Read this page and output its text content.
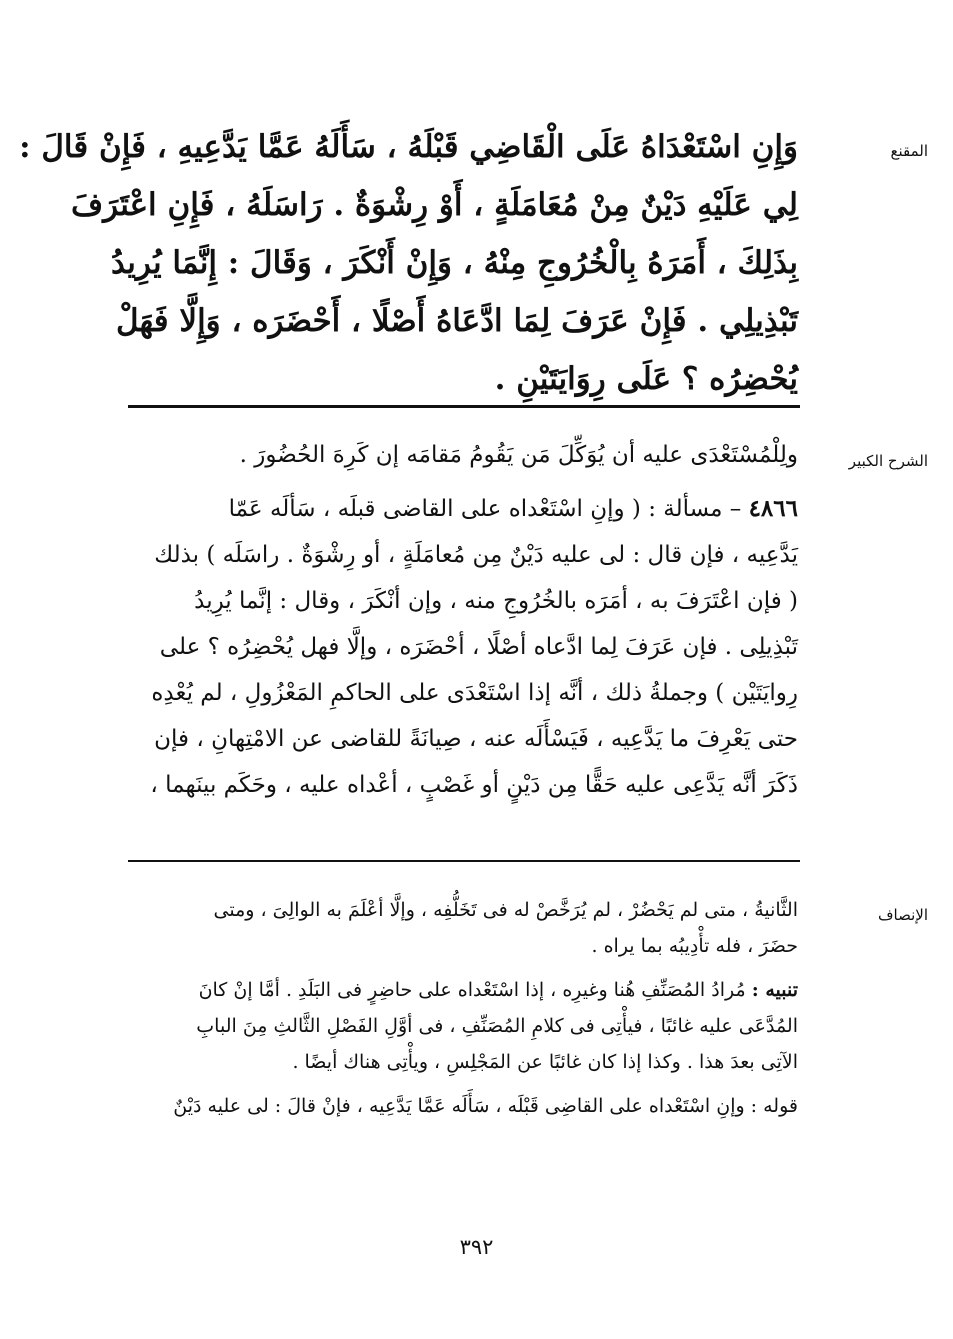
المقنع
الشرح الكبير
الإنصاف
وَإِنِ اسْتَعْدَاهُ عَلَى الْقَاضِي قَبْلَهُ ، سَأَلَهُ عَمَّا يَدَّعِيهِ ، فَإِنْ قَالَ :
لِي عَلَيْهِ دَيْنٌ مِنْ مُعَامَلَةٍ ، أَوْ رِشْوَةٌ . رَاسَلَهُ ، فَإِنِ اعْتَرَفَ
بِذَلِكَ ، أَمَرَهُ بِالْخُرُوجِ مِنْهُ ، وَإِنْ أَنْكَرَ ، وَقَالَ : إِنَّمَا يُرِيدُ
تَبْذِيلِي . فَإِنْ عَرَفَ لِمَا ادَّعَاهُ أَصْلًا ، أَحْضَرَه ، وَإِلَّا فَهَلْ
يُحْضِرُه ؟ عَلَى رِوَايَتَيْنِ .
ولِلْمُسْتَعْدَى عليه أن يُوَكِّلَ مَن يَقُومُ مَقامَه إن كَرِهَ الحُضُورَ .
٤٨٦٦ – مسألة : ( وإنِ اسْتَعْداه على القاضى قبلَه ، سَألَه عَمّا
يَدَّعِيه ، فإن قال : لى عليه دَيْنٌ مِن مُعامَلَةٍ ، أو رِشْوَةٌ . راسَلَه ) بذلك
( فإن اعْتَرَفَ به ، أمَرَه بالخُرُوجِ منه ، وإن أنْكَرَ ، وقال : إنَّما يُرِيدُ
تَبْذِيلِى . فإن عَرَفَ لِما ادَّعاه أصْلًا ، أحْضَرَه ، وإلَّا فهل يُحْضِرُه ؟ على
رِوايَتَيْن ) وجملةُ ذلك ، أنَّه إذا اسْتَعْدَى على الحاكمِ المَعْزُولِ ، لم يُعْدِه
حتى يَعْرِفَ ما يَدَّعِيه ، فَيَسْأَلَه عنه ، صِيانَةً للقاضى عن الامْتِهانِ ، فإن
ذَكَرَ أنَّه يَدَّعِى عليه حَقًّا مِن دَيْنٍ أو غَصْبٍ ، أعْداه عليه ، وحَكَم بينَهما ،
الثَّانيةُ ، متى لم يَحْضُرْ ، لم يُرَخَّصْ له فى تَخَلُّفِه ، وإلَّا أعْلَمَ به الوالِىَ ، ومتى
حضَرَ ، فله تأْدِيبُه بما يراه .
تنبيه : مُرادُ المُصَنِّفِ هُنا وغيرِه ، إذا اسْتَعْداه على حاضِرٍ فى البَلَدِ . أمَّا إنْ كانَ
المُدَّعَى عليه غائبًا ، فيأْتِى فى كلامِ المُصَنِّفِ ، فى أوَّلِ الفَصْلِ الثَّالثِ مِنَ البابِ
الآتِى بعدَ هذا . وكذا إذا كان غائبًا عن المَجْلِسِ ، ويأْتِى هناك أيضًا .
قوله : وإنِ اسْتَعْداه على القاضِى قَبْلَه ، سَأَلَه عَمَّا يَدَّعِيه ، فإنْ قالَ : لى عليه دَيْنٌ
٣٩٢
